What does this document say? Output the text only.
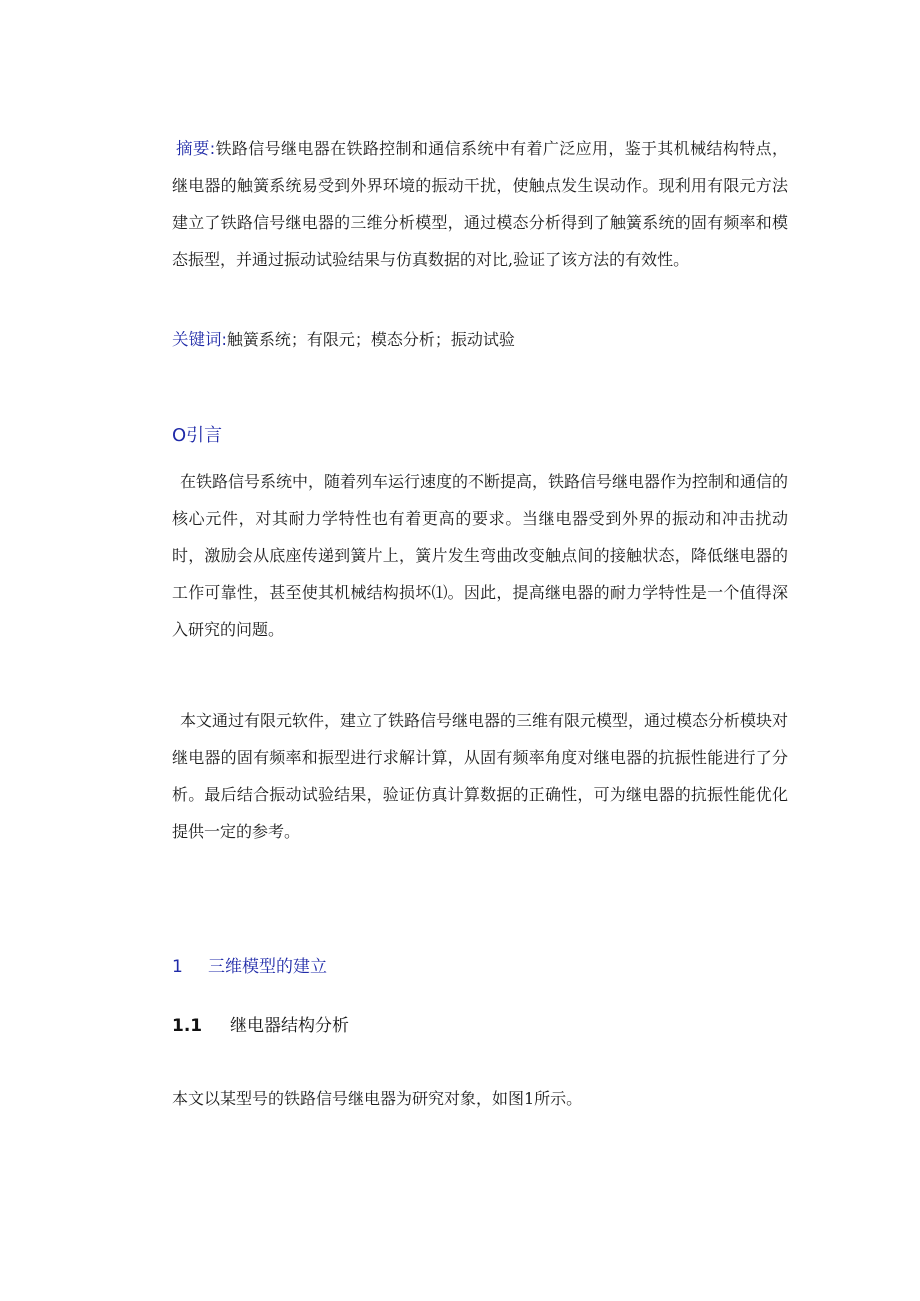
摘要:铁路信号继电器在铁路控制和通信系统中有着广泛应用，鉴于其机械结构特点，继电器的触簧系统易受到外界环境的振动干扰，使触点发生误动作。现利用有限元方法建立了铁路信号继电器的三维分析模型，通过模态分析得到了触簧系统的固有频率和模态振型，并通过振动试验结果与仿真数据的对比,验证了该方法的有效性。

关键词:触簧系统；有限元；模态分析；振动试验

O引言

在铁路信号系统中，随着列车运行速度的不断提高，铁路信号继电器作为控制和通信的核心元件，对其耐力学特性也有着更高的要求。当继电器受到外界的振动和冲击扰动时，激励会从底座传递到簧片上，簧片发生弯曲改变触点间的接触状态，降低继电器的工作可靠性，甚至使其机械结构损坏⑴。因此，提高继电器的耐力学特性是一个值得深入研究的问题。

本文通过有限元软件，建立了铁路信号继电器的三维有限元模型，通过模态分析模块对继电器的固有频率和振型进行求解计算，从固有频率角度对继电器的抗振性能进行了分析。最后结合振动试验结果，验证仿真计算数据的正确性，可为继电器的抗振性能优化提供一定的参考。

1 三维模型的建立
1.1 继电器结构分析

本文以某型号的铁路信号继电器为研究对象，如图1所示。
